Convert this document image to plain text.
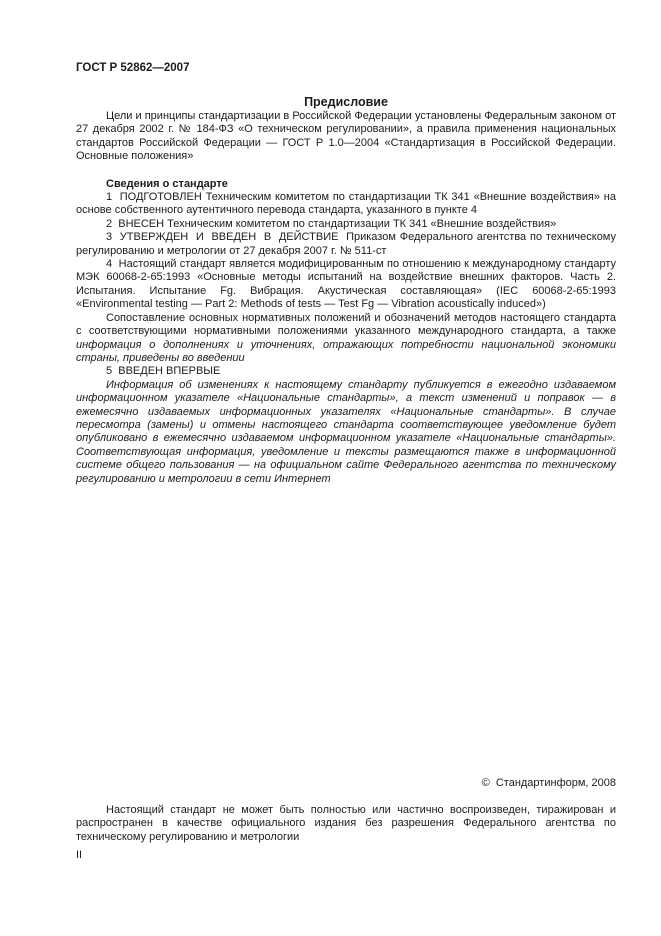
ГОСТ Р 52862—2007
Предисловие

Цели и принципы стандартизации в Российской Федерации установлены Федеральным законом от 27 декабря 2002 г. № 184-ФЗ «О техническом регулировании», а правила применения национальных стандартов Российской Федерации — ГОСТ Р 1.0—2004 «Стандартизация в Российской Федерации. Основные положения»

Сведения о стандарте

1  ПОДГОТОВЛЕН Техническим комитетом по стандартизации ТК 341 «Внешние воздействия» на основе собственного аутентичного перевода стандарта, указанного в пункте 4

2  ВНЕСЕН Техническим комитетом по стандартизации ТК 341 «Внешние воздействия»

3  УТВЕРЖДЕН  И  ВВЕДЕН  В  ДЕЙСТВИЕ  Приказом Федерального агентства по техническому регулированию и метрологии от 27 декабря 2007 г. № 511-ст

4  Настоящий стандарт является модифицированным по отношению к международному стандарту МЭК 60068-2-65:1993 «Основные методы испытаний на воздействие внешних факторов. Часть 2. Испытания. Испытание Fg. Вибрация. Акустическая составляющая» (IEC 60068-2-65:1993 «Environmental testing — Part 2: Methods of tests — Test Fg — Vibration acoustically induced»)

Сопоставление основных нормативных положений и обозначений методов настоящего стандарта с соответствующими нормативными положениями указанного международного стандарта, а также информация о дополнениях и уточнениях, отражающих потребности национальной экономики страны, приведены во введении

5  ВВЕДЕН ВПЕРВЫЕ

Информация об изменениях к настоящему стандарту публикуется в ежегодно издаваемом информационном указателе «Национальные стандарты», а текст изменений и поправок — в ежемесячно издаваемых информационных указателях «Национальные стандарты». В случае пересмотра (замены) и отмены настоящего стандарта соответствующее уведомление будет опубликовано в ежемесячно издаваемом информационном указателе «Национальные стандарты». Соответствующая информация, уведомление и тексты размещаются также в информационной системе общего пользования — на официальном сайте Федерального агентства по техническому регулированию и метрологии в сети Интернет

©  Стандартинформ, 2008

Настоящий стандарт не может быть полностью или частично воспроизведен, тиражирован и распространен в качестве официального издания без разрешения Федерального агентства по техническому регулированию и метрологии

II
